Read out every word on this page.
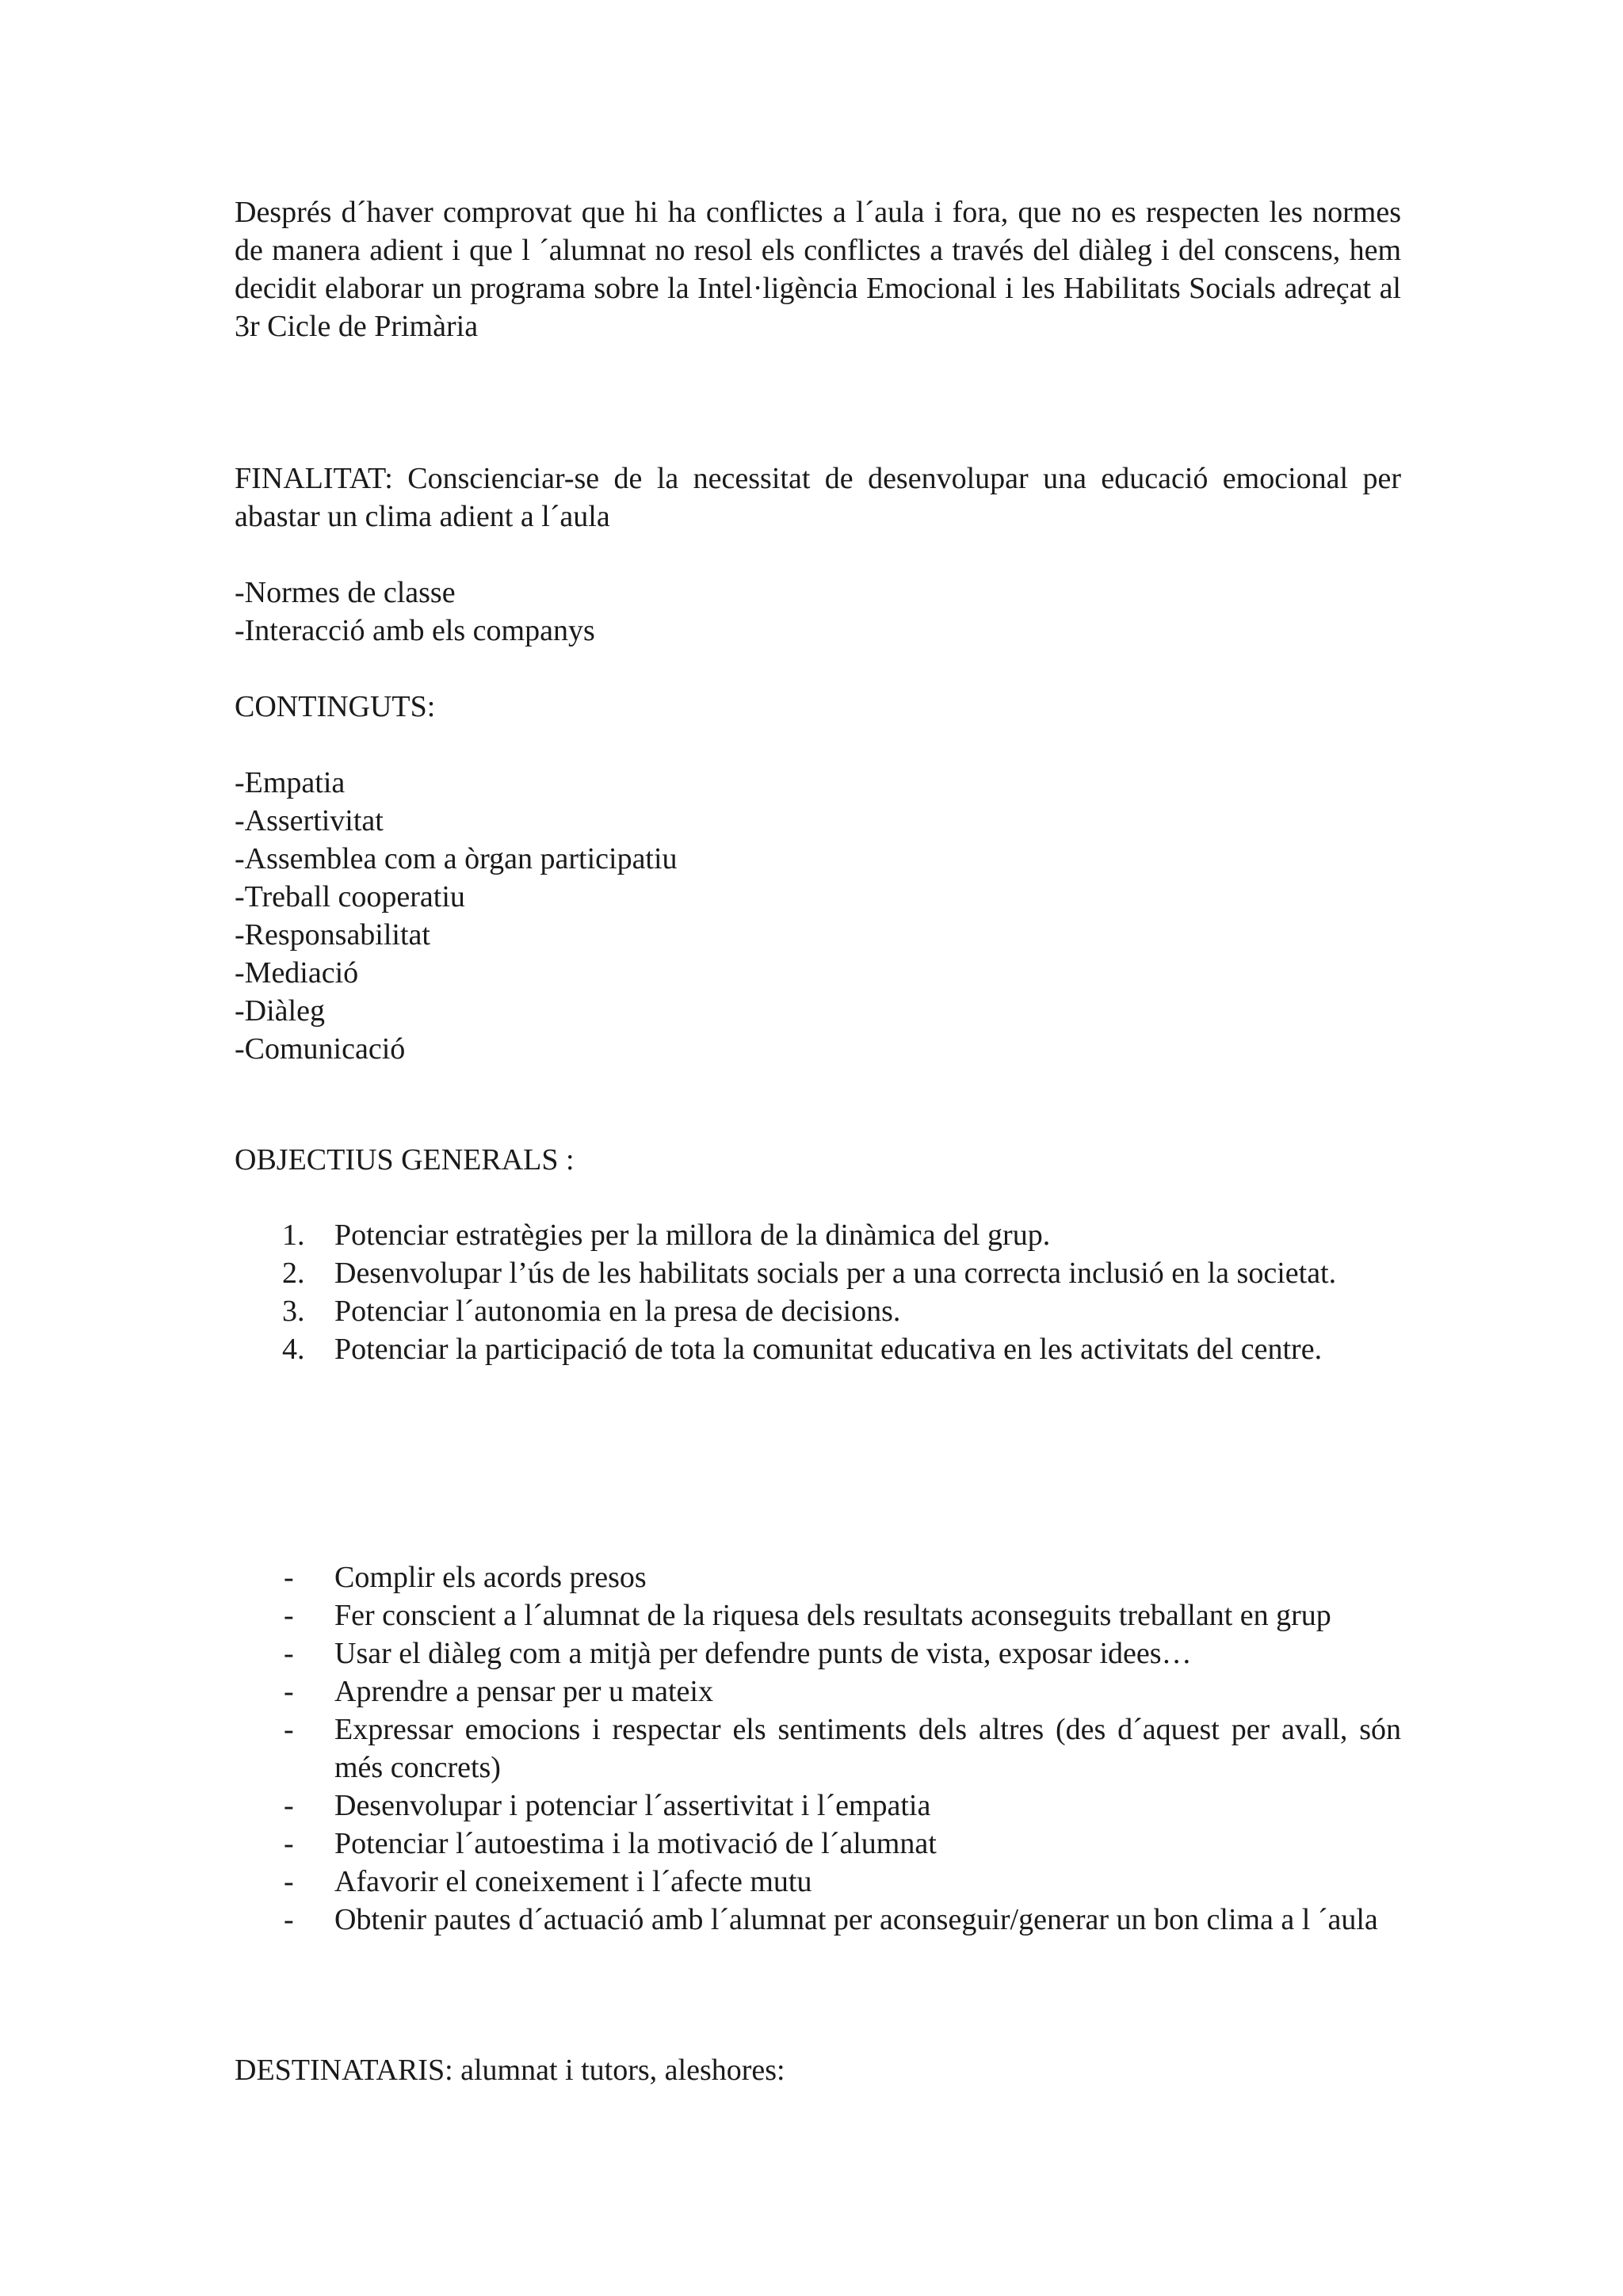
Després d´haver comprovat que hi ha conflictes a l´aula i fora, que no es respecten les normes de manera adient i que l ´alumnat no resol els conflictes a través del diàleg i del conscens, hem decidit elaborar un programa sobre la Intel·ligència Emocional i les Habilitats Socials adreçat al 3r Cicle de Primària

FINALITAT: Conscienciar-se de la necessitat de desenvolupar una educació emocional per abastar un clima adient a l´aula

-Normes de classe

-Interacció amb els companys

CONTINGUTS:

-Empatia

-Assertivitat

-Assemblea com a òrgan participatiu

-Treball cooperatiu

-Responsabilitat

-Mediació

-Diàleg

-Comunicació

OBJECTIUS GENERALS :

1. Potenciar estratègies per la millora de la dinàmica del grup.
2. Desenvolupar l’ús de les habilitats socials per a una correcta inclusió en la societat.
3. Potenciar l´autonomia en la presa de decisions.
4. Potenciar la participació de tota la comunitat educativa en les activitats del centre.
- Complir els acords presos
- Fer conscient a l´alumnat de la riquesa dels resultats aconseguits treballant en grup
- Usar el diàleg com a mitjà per defendre punts de vista, exposar idees…
- Aprendre a pensar per u mateix
- Expressar emocions i respectar els sentiments dels altres (des d´aquest per avall, són més concrets)
- Desenvolupar i potenciar l´assertivitat i l´empatia
- Potenciar l´autoestima i la motivació de l´alumnat
- Afavorir el coneixement i l´afecte mutu
- Obtenir pautes d´actuació amb l´alumnat per aconseguir/generar un bon clima a l ´aula

DESTINATARIS: alumnat i tutors, aleshores:
